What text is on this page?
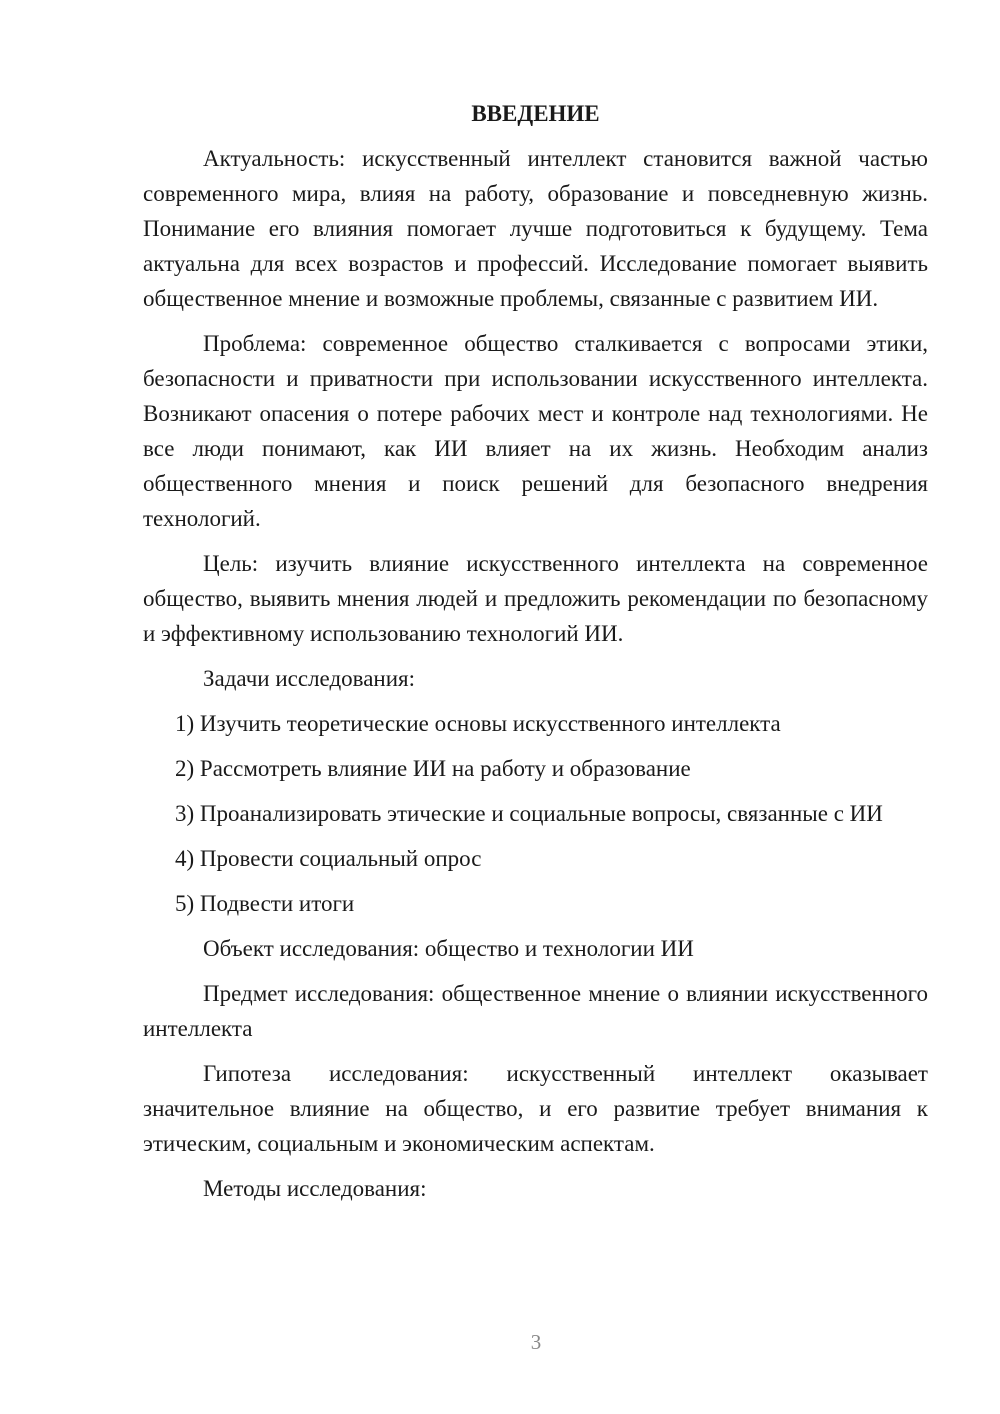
ВВЕДЕНИЕ

Актуальность: искусственный интеллект становится важной частью современного мира, влияя на работу, образование и повседневную жизнь. Понимание его влияния помогает лучше подготовиться к будущему. Тема актуальна для всех возрастов и профессий. Исследование помогает выявить общественное мнение и возможные проблемы, связанные с развитием ИИ.

Проблема: современное общество сталкивается с вопросами этики, безопасности и приватности при использовании искусственного интеллекта. Возникают опасения о потере рабочих мест и контроле над технологиями. Не все люди понимают, как ИИ влияет на их жизнь. Необходим анализ общественного мнения и поиск решений для безопасного внедрения технологий.

Цель: изучить влияние искусственного интеллекта на современное общество, выявить мнения людей и предложить рекомендации по безопасному и эффективному использованию технологий ИИ.

Задачи исследования:

1) Изучить теоретические основы искусственного интеллекта

2) Рассмотреть влияние ИИ на работу и образование

3) Проанализировать этические и социальные вопросы, связанные с ИИ

4) Провести социальный опрос

5) Подвести итоги

Объект исследования: общество и технологии ИИ

Предмет исследования: общественное мнение о влиянии искусственного интеллекта

Гипотеза исследования: искусственный интеллект оказывает значительное влияние на общество, и его развитие требует внимания к этическим, социальным и экономическим аспектам.

Методы исследования:

3
